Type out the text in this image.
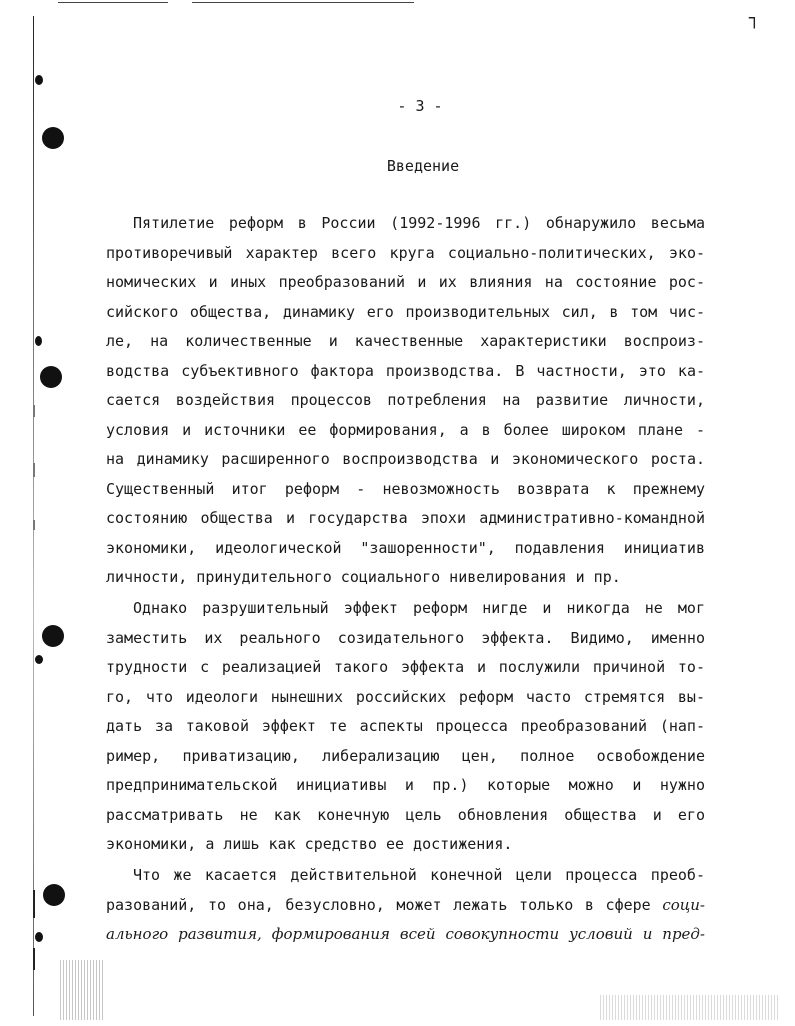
┐
- 3 -
Введение
Пятилетие реформ в России (1992-1996 гг.) обнаружило весьма
противоречивый характер всего круга социально-политических, эко-
номических и иных преобразований и их влияния на состояние рос-
сийского общества, динамику его производительных сил, в том чис-
ле, на количественные и качественные характеристики воспроиз-
водства субъективного фактора производства. В частности, это ка-
сается воздействия процессов потребления на развитие личности,
условия и источники ее формирования, а в более широком плане -
на динамику расширенного воспроизводства и экономического роста.
Существенный итог реформ - невозможность возврата к прежнему
состоянию общества и государства эпохи административно-командной
экономики, идеологической "зашоренности", подавления инициатив
личности, принудительного социального нивелирования и пр.
Однако разрушительный эффект реформ нигде и никогда не мог
заместить их реального созидательного эффекта. Видимо, именно
трудности с реализацией такого эффекта и послужили причиной то-
го, что идеологи нынешних российских реформ часто стремятся вы-
дать за таковой эффект те аспекты процесса преобразований (нап-
ример, приватизацию, либерализацию цен, полное освобождение
предпринимательской инициативы и пр.) которые можно и нужно
рассматривать не как конечную цель обновления общества и его
экономики, а лишь как средство ее достижения.
Что же касается действительной конечной цели процесса преоб-
разований, то она, безусловно, может лежать только в сфере соци-
ального развития, формирования всей совокупности условий и пред-
